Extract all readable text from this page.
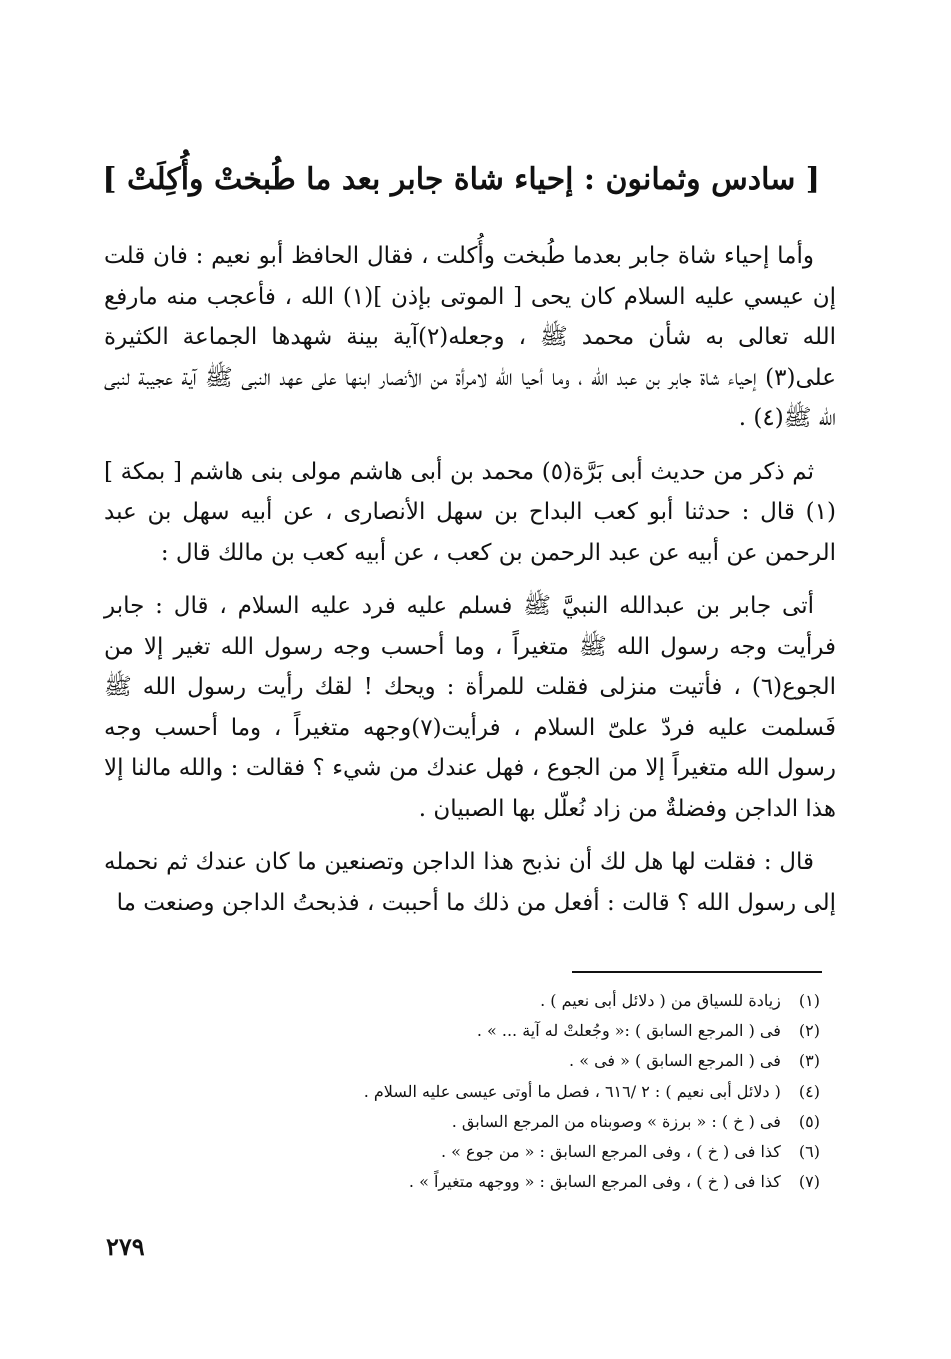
[ سادس وثمانون : إحياء شاة جابر بعد ما طُبختْ وأُكِلَتْ ]

وأما إحياء شاة جابر بعدما طُبخت وأُكلت ، فقال الحافظ أبو نعيم : فان قلت إن عيسي عليه السلام كان يحى [ الموتى بإذن ](١) الله ، فأعجب منه مارفع الله تعالى به شأن محمد ﷺ ، وجعله(٢)آية بينة شهدها الجماعة الكثيرة على(٣) إحياء شاة جابر بن عبد الله ، وما أحيا الله لامرأة من الأنصار ابنها على عهد النبى ﷺ آية عجيبة لنبى الله ﷺ(٤) .

ثم ذكر من حديث أبى بَرَّة(٥) محمد بن أبى هاشم مولى بنى هاشم [ بمكة ](١) قال : حدثنا أبو كعب البداح بن سهل الأنصارى ، عن أبيه سهل بن عبد الرحمن عن أبيه عن عبد الرحمن بن كعب ، عن أبيه كعب بن مالك قال :

أتى جابر بن عبدالله النبيَّ ﷺ فسلم عليه فرد عليه السلام ، قال : جابر فرأيت وجه رسول الله ﷺ متغيراً ، وما أحسب وجه رسول الله تغير إلا من الجوع(٦) ، فأتيت منزلى فقلت للمرأة : ويحك ! لقك رأيت رسول الله ﷺ فَسلمت عليه فردّ علىّ السلام ، فرأيت(٧)وجهه متغيراً ، وما أحسب وجه رسول الله متغيراً إلا من الجوع ، فهل عندك من شيء ؟ فقالت : والله مالنا إلا هذا الداجن وفضلةٌ من زاد نُعلّل بها الصبيان .

قال : فقلت لها هل لك أن نذبح هذا الداجن وتصنعين ما كان عندك ثم نحمله إلى رسول الله ؟ قالت : أفعل من ذلك ما أحببت ، فذبحتُ الداجن وصنعت ما

(١) زيادة للسياق من ( دلائل أبى نعيم ) .
(٢) فى ( المرجع السابق ) :« وجُعلتْ له آية ... » .
(٣) فى ( المرجع السابق ) « فى » .
(٤) ( دلائل أبى نعيم ) : ٢ /٦١٦ ، فصل ما أوتى عيسى عليه السلام .
(٥) فى ( خ ) : « برزة » وصوبناه من المرجع السابق .
(٦) كذا فى ( خ ) ، وفى المرجع السابق : « من جوع » .
(٧) كذا فى ( خ ) ، وفى المرجع السابق : « ووجهه متغيراً » .
٢٧٩
